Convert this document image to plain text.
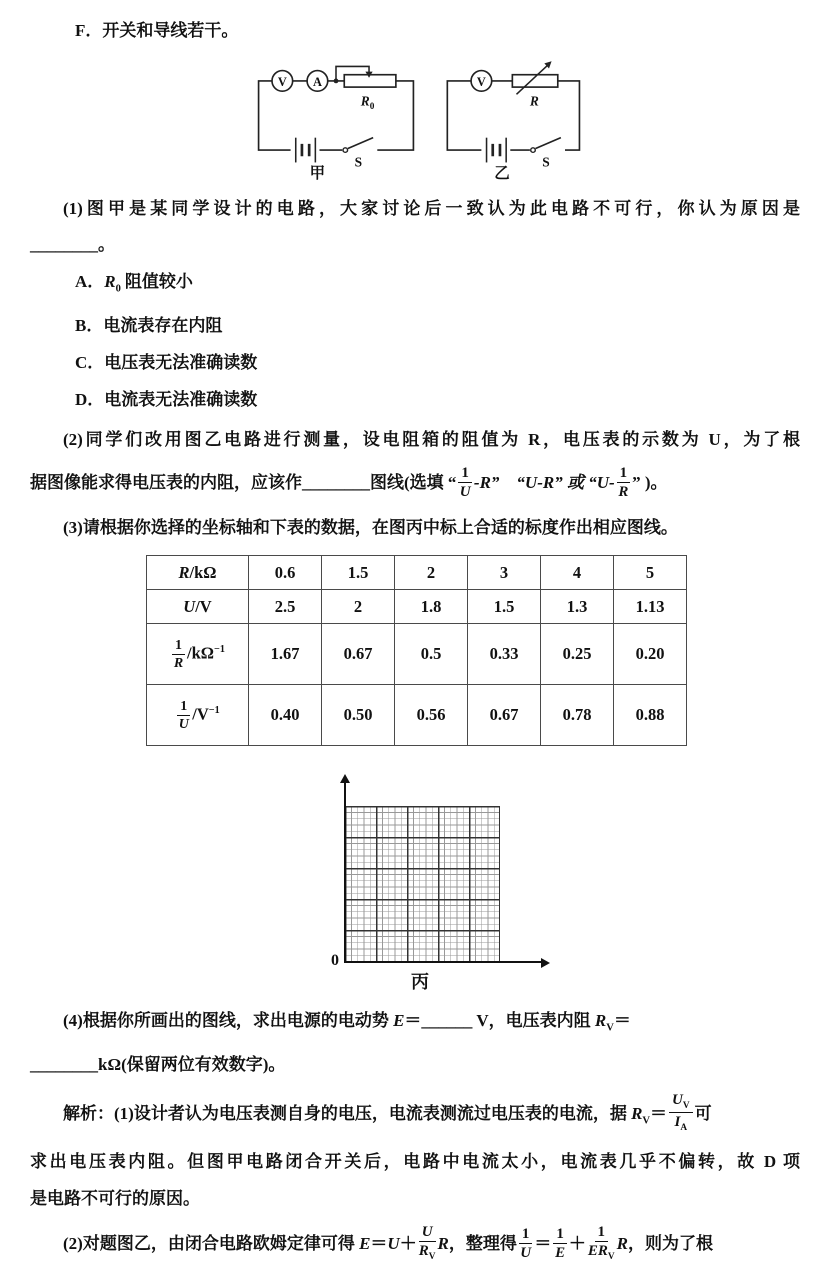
F．开关和导线若干。
V A
$R_0$
S
甲
V
R
S
乙
(1)图甲是某同学设计的电路，大家讨论后一致认为此电路不可行，你认为原因是
________。
A．$R_0$ 阻值较小
B．电流表存在内阻
C．电压表无法准确读数
D．电流表无法准确读数
(2)同学们改用图乙电路进行测量，设电阻箱的阻值为 R，电压表的示数为 U，为了根
据图像能求得电压表的内阻，应该作________图线(选填 “ $\frac{1}{U} -R$”　“U-R” 或 “$U- \frac{1}{R}$ ” )。
(3)请根据你选择的坐标轴和下表的数据，在图丙中标上合适的标度作出相应图线。
R/kΩ	0.6	1.5	2	3	4	5
U/V	2.5	2	1.8	1.5	1.3	1.13

$\frac{1}{R} /k\Omega^{-1}$	1.67	0.67	0.5	0.33	0.25	0.20

$\frac{1}{U} /V^{-1}$	0.40	0.50	0.56	0.67	0.78	0.88
0
丙
(4)根据你所画出的图线，求出电源的电动势 E＝______ V，电压表内阻 $R_V=$
________kΩ(保留两位有效数字)。
解析：(1)设计者认为电压表测自身的电压，电流表测流过电压表的电流，据 $R_V= \frac{U_V}{I_A}$ 可
求出电压表内阻。但图甲电路闭合开关后，电路中电流太小，电流表几乎不偏转，故 D 项
是电路不可行的原因。
(2)对题图乙，由闭合电路欧姆定律可得 $E=U+ \frac{U}{R_V}$ R，整理得 $\frac{1}{U} = \frac{1}{E} + \frac{1}{ER_V}$ R，则为了根
